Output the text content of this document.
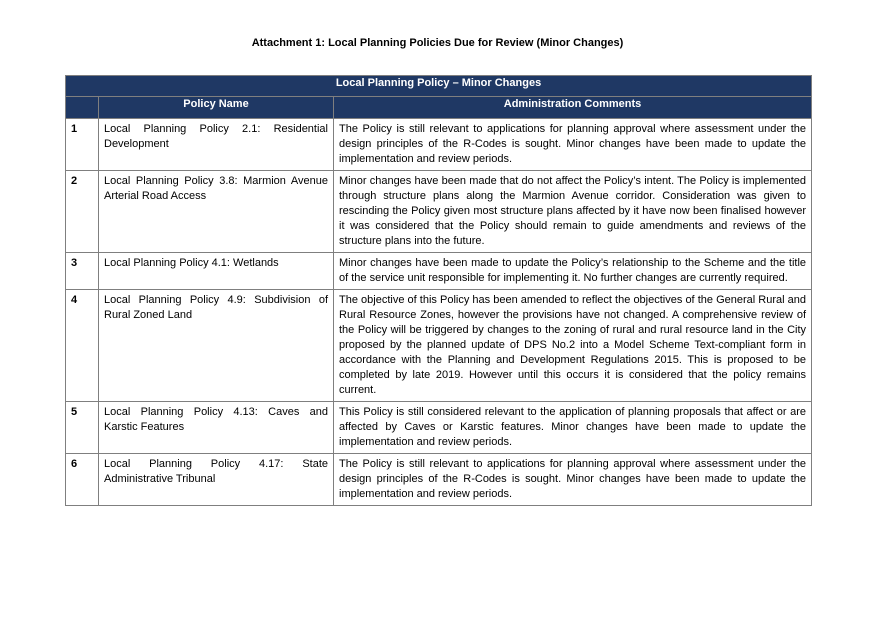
Attachment 1: Local Planning Policies Due for Review (Minor Changes)
Local Planning Policy – Minor Changes		
	Policy Name	Administration Comments
1	Local Planning Policy 2.1: Residential Development	The Policy is still relevant to applications for planning approval where assessment under the design principles of the R-Codes is sought. Minor changes have been made to update the implementation and review periods.
2	Local Planning Policy 3.8: Marmion Avenue Arterial Road Access	Minor changes have been made that do not affect the Policy’s intent. The Policy is implemented through structure plans along the Marmion Avenue corridor. Consideration was given to rescinding the Policy given most structure plans affected by it have now been finalised however it was considered that the Policy should remain to guide amendments and reviews of the structure plans into the future.
3	Local Planning Policy 4.1: Wetlands	Minor changes have been made to update the Policy’s relationship to the Scheme and the title of the service unit responsible for implementing it. No further changes are currently required.
4	Local Planning Policy 4.9: Subdivision of Rural Zoned Land	The objective of this Policy has been amended to reflect the objectives of the General Rural and Rural Resource Zones, however the provisions have not changed. A comprehensive review of the Policy will be triggered by changes to the zoning of rural and rural resource land in the City proposed by the planned update of DPS No.2 into a Model Scheme Text-compliant form in accordance with the Planning and Development Regulations 2015. This is proposed to be completed by late 2019. However until this occurs it is considered that the policy remains current.
5	Local Planning Policy 4.13: Caves and Karstic Features	This Policy is still considered relevant to the application of planning proposals that affect or are affected by Caves or Karstic features. Minor changes have been made to update the implementation and review periods.
6	Local Planning Policy 4.17: State Administrative Tribunal	The Policy is still relevant to applications for planning approval where assessment under the design principles of the R-Codes is sought. Minor changes have been made to update the implementation and review periods.
